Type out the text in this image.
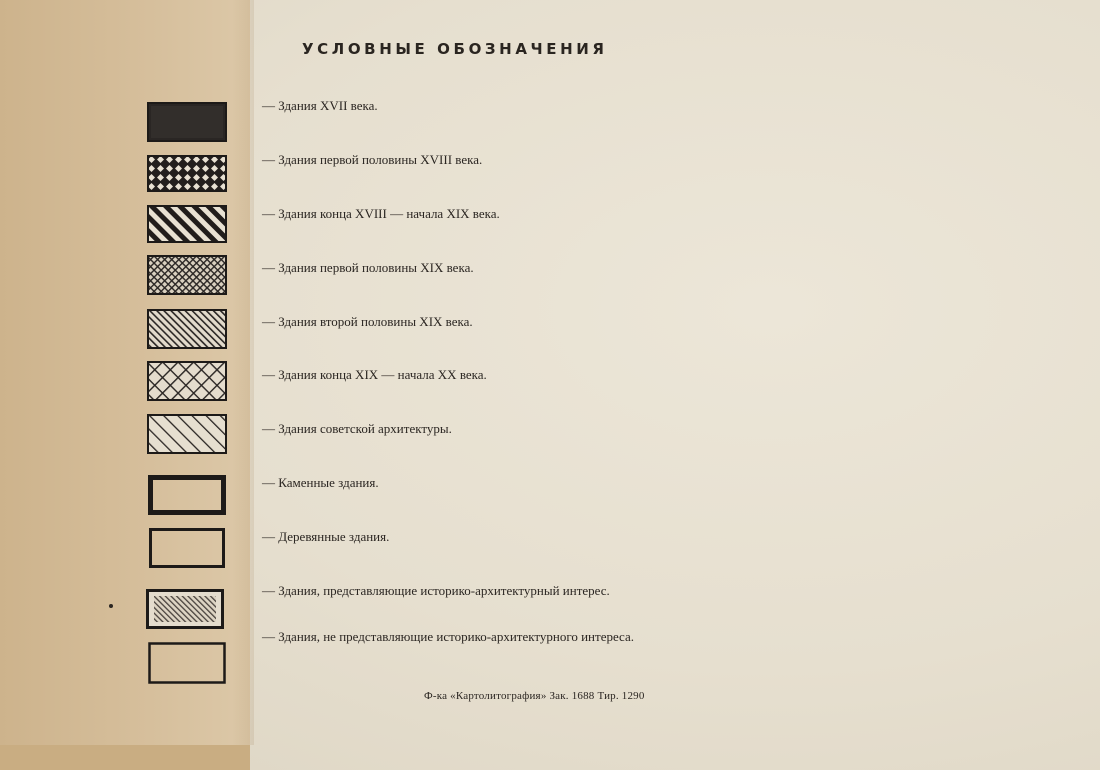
УСЛОВНЫЕ ОБОЗНАЧЕНИЯ
— Здания XVII века.
— Здания первой половины XVIII века.
— Здания конца XVIII — начала XIX века.
— Здания первой половины XIX века.
— Здания второй половины XIX века.
— Здания конца XIX — начала XX века.
— Здания советской архитектуры.
— Каменные здания.
— Деревянные здания.
— Здания, представляющие историко-архитектурный интерес.
— Здания, не представляющие историко-архитектурного интереса.
Ф-ка «Картолитография» Зак. 1688 Тир. 1290
